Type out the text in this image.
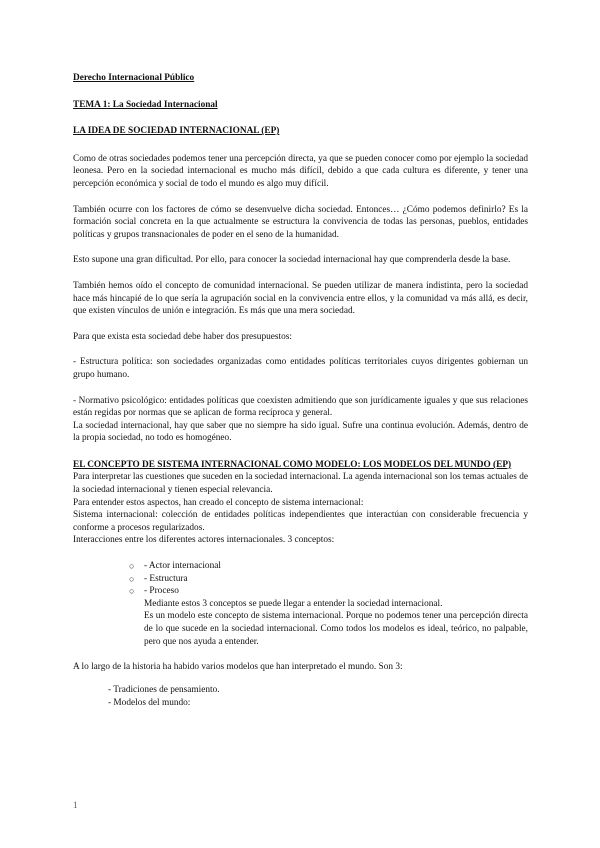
Derecho Internacional Público

TEMA 1: La Sociedad Internacional

LA IDEA DE SOCIEDAD INTERNACIONAL (EP)

Como de otras sociedades podemos tener una percepción directa, ya que se pueden conocer como por ejemplo la sociedad leonesa. Pero en la sociedad internacional es mucho más difícil, debido a que cada cultura es diferente, y tener una percepción económica y social de todo el mundo es algo muy difícil.

También ocurre con los factores de cómo se desenvuelve dicha sociedad. Entonces… ¿Cómo podemos definirlo? Es la formación social concreta en la que actualmente se estructura la convivencia de todas las personas, pueblos, entidades políticas y grupos transnacionales de poder en el seno de la humanidad.

Esto supone una gran dificultad. Por ello, para conocer la sociedad internacional hay que comprenderla desde la base.

También hemos oído el concepto de comunidad internacional. Se pueden utilizar de manera indistinta, pero la sociedad hace más hincapié de lo que sería la agrupación social en la convivencia entre ellos, y la comunidad va más allá, es decir, que existen vínculos de unión e integración. Es más que una mera sociedad.

Para que exista esta sociedad debe haber dos presupuestos:

- Estructura política: son sociedades organizadas como entidades políticas territoriales cuyos dirigentes gobiernan un grupo humano.

- Normativo psicológico: entidades políticas que coexisten admitiendo que son jurídicamente iguales y que sus relaciones están regidas por normas que se aplican de forma recíproca y general.

La sociedad internacional, hay que saber que no siempre ha sido igual. Sufre una continua evolución. Además, dentro de la propia sociedad, no todo es homogéneo.

EL CONCEPTO DE SISTEMA INTERNACIONAL COMO MODELO: LOS MODELOS DEL MUNDO (EP)

Para interpretar las cuestiones que suceden en la sociedad internacional. La agenda internacional son los temas actuales de la sociedad internacional y tienen especial relevancia.

Para entender estos aspectos, han creado el concepto de sistema internacional:

Sistema internacional: colección de entidades políticas independientes que interactúan con considerable frecuencia y conforme a procesos regularizados.

Interacciones entre los diferentes actores internacionales. 3 conceptos:

○ - Actor internacional
○ - Estructura
○ - Proceso

Mediante estos 3 conceptos se puede llegar a entender la sociedad internacional.

Es un modelo este concepto de sistema internacional. Porque no podemos tener una percepción directa de lo que sucede en la sociedad internacional. Como todos los modelos es ideal, teórico, no palpable, pero que nos ayuda a entender.

A lo largo de la historia ha habido varios modelos que han interpretado el mundo. Son 3:

- Tradiciones de pensamiento.
- Modelos del mundo:
1
